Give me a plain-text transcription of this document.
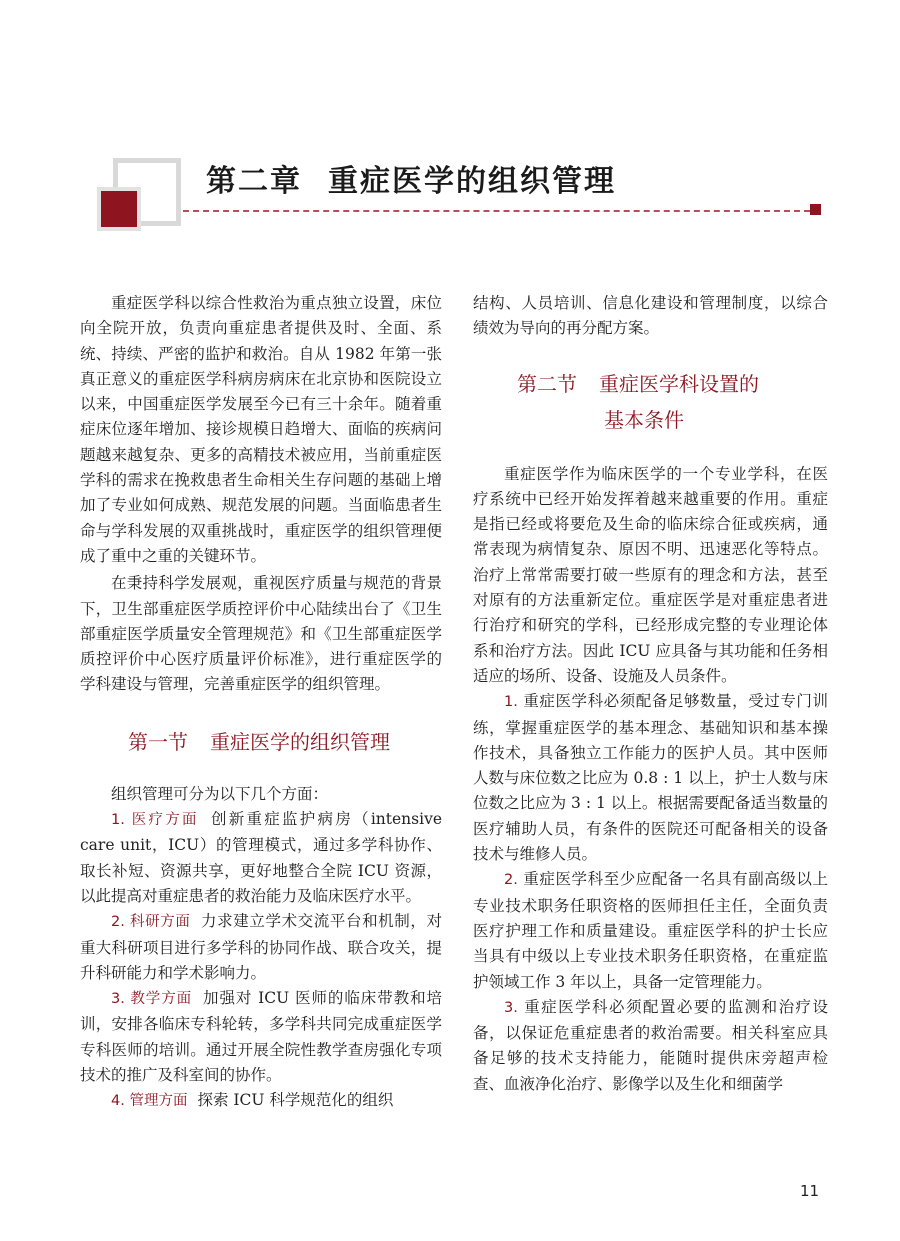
第二章 重症医学的组织管理

重症医学科以综合性救治为重点独立设置，床位向全院开放，负责向重症患者提供及时、全面、系统、持续、严密的监护和救治。自从 1982 年第一张真正意义的重症医学科病房病床在北京协和医院设立以来，中国重症医学发展至今已有三十余年。随着重症床位逐年增加、接诊规模日趋增大、面临的疾病问题越来越复杂、更多的高精技术被应用，当前重症医学科的需求在挽救患者生命相关生存问题的基础上增加了专业如何成熟、规范发展的问题。当面临患者生命与学科发展的双重挑战时，重症医学的组织管理便成了重中之重的关键环节。

在秉持科学发展观，重视医疗质量与规范的背景下，卫生部重症医学质控评价中心陆续出台了《卫生部重症医学质量安全管理规范》和《卫生部重症医学质控评价中心医疗质量评价标准》，进行重症医学的学科建设与管理，完善重症医学的组织管理。

第一节 重症医学的组织管理

组织管理可分为以下几个方面：

1. 医疗方面 创新重症监护病房（intensive care unit，ICU）的管理模式，通过多学科协作、取长补短、资源共享，更好地整合全院 ICU 资源，以此提高对重症患者的救治能力及临床医疗水平。

2. 科研方面 力求建立学术交流平台和机制，对重大科研项目进行多学科的协同作战、联合攻关，提升科研能力和学术影响力。

3. 教学方面 加强对 ICU 医师的临床带教和培训，安排各临床专科轮转，多学科共同完成重症医学专科医师的培训。通过开展全院性教学查房强化专项技术的推广及科室间的协作。

4. 管理方面 探索 ICU 科学规范化的组织

结构、人员培训、信息化建设和管理制度，以综合绩效为导向的再分配方案。

第二节 重症医学科设置的
基本条件

重症医学作为临床医学的一个专业学科，在医疗系统中已经开始发挥着越来越重要的作用。重症是指已经或将要危及生命的临床综合征或疾病，通常表现为病情复杂、原因不明、迅速恶化等特点。治疗上常常需要打破一些原有的理念和方法，甚至对原有的方法重新定位。重症医学是对重症患者进行治疗和研究的学科，已经形成完整的专业理论体系和治疗方法。因此 ICU 应具备与其功能和任务相适应的场所、设备、设施及人员条件。

1. 重症医学科必须配备足够数量，受过专门训练，掌握重症医学的基本理念、基础知识和基本操作技术，具备独立工作能力的医护人员。其中医师人数与床位数之比应为 0.8 : 1 以上，护士人数与床位数之比应为 3 : 1 以上。根据需要配备适当数量的医疗辅助人员，有条件的医院还可配备相关的设备技术与维修人员。

2. 重症医学科至少应配备一名具有副高级以上专业技术职务任职资格的医师担任主任，全面负责医疗护理工作和质量建设。重症医学科的护士长应当具有中级以上专业技术职务任职资格，在重症监护领域工作 3 年以上，具备一定管理能力。

3. 重症医学科必须配置必要的监测和治疗设备，以保证危重症患者的救治需要。相关科室应具备足够的技术支持能力，能随时提供床旁超声检查、血液净化治疗、影像学以及生化和细菌学

11
